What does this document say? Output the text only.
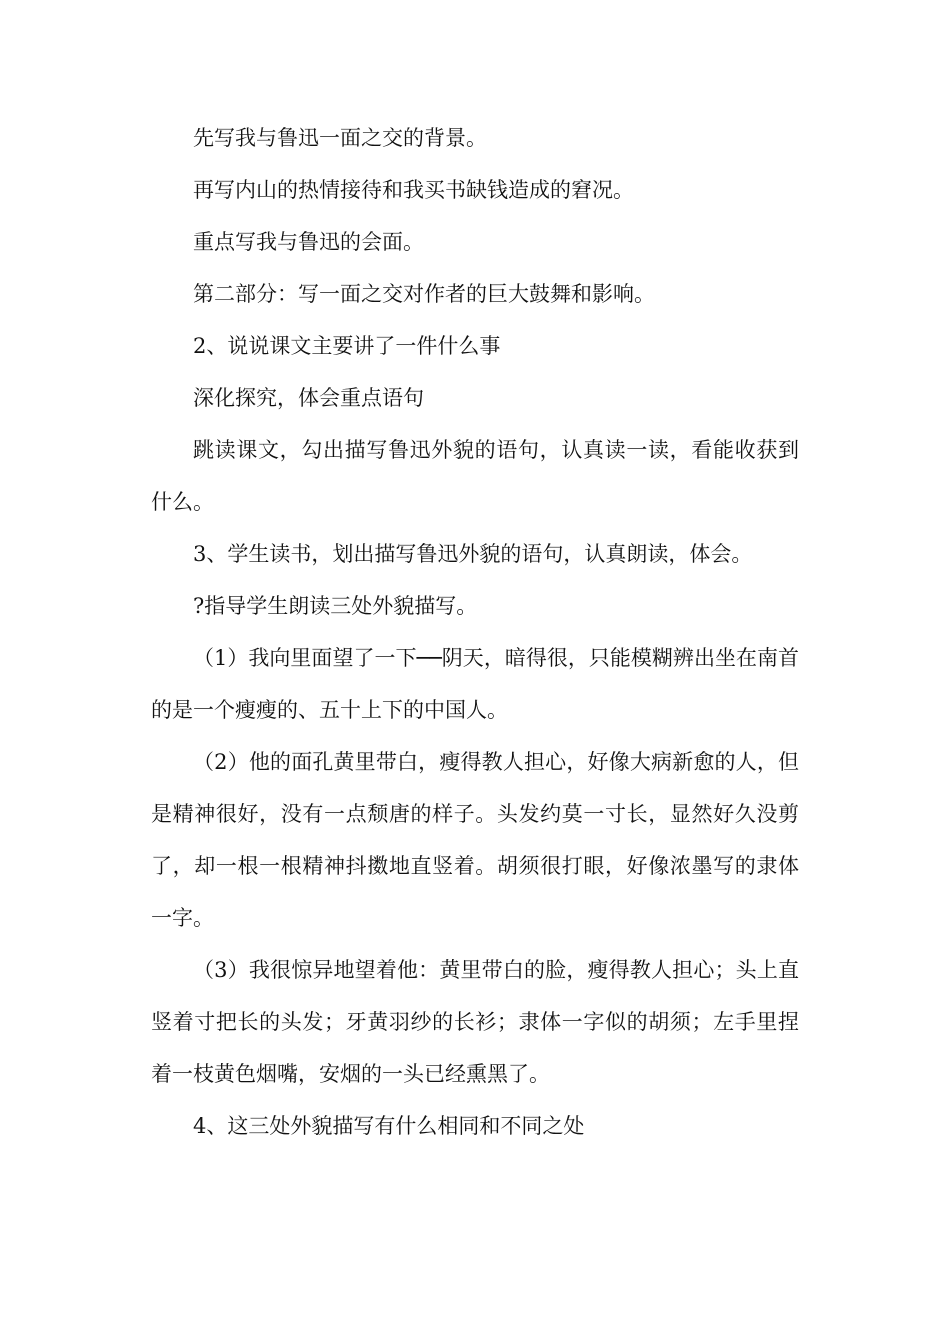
先写我与鲁迅一面之交的背景。

再写内山的热情接待和我买书缺钱造成的窘况。

重点写我与鲁迅的会面。

第二部分：写一面之交对作者的巨大鼓舞和影响。

2、说说课文主要讲了一件什么事

深化探究，体会重点语句

跳读课文，勾出描写鲁迅外貌的语句，认真读一读，看能收获到什么。

3、学生读书，划出描写鲁迅外貌的语句，认真朗读，体会。

?指导学生朗读三处外貌描写。

（1）我向里面望了一下──阴天，暗得很，只能模糊辨出坐在南首的是一个瘦瘦的、五十上下的中国人。

（2）他的面孔黄里带白，瘦得教人担心，好像大病新愈的人，但是精神很好，没有一点颓唐的样子。头发约莫一寸长，显然好久没剪了，却一根一根精神抖擞地直竖着。胡须很打眼，好像浓墨写的隶体一字。

（3）我很惊异地望着他：黄里带白的脸，瘦得教人担心；头上直竖着寸把长的头发；牙黄羽纱的长衫；隶体一字似的胡须；左手里捏着一枝黄色烟嘴，安烟的一头已经熏黑了。

4、这三处外貌描写有什么相同和不同之处
